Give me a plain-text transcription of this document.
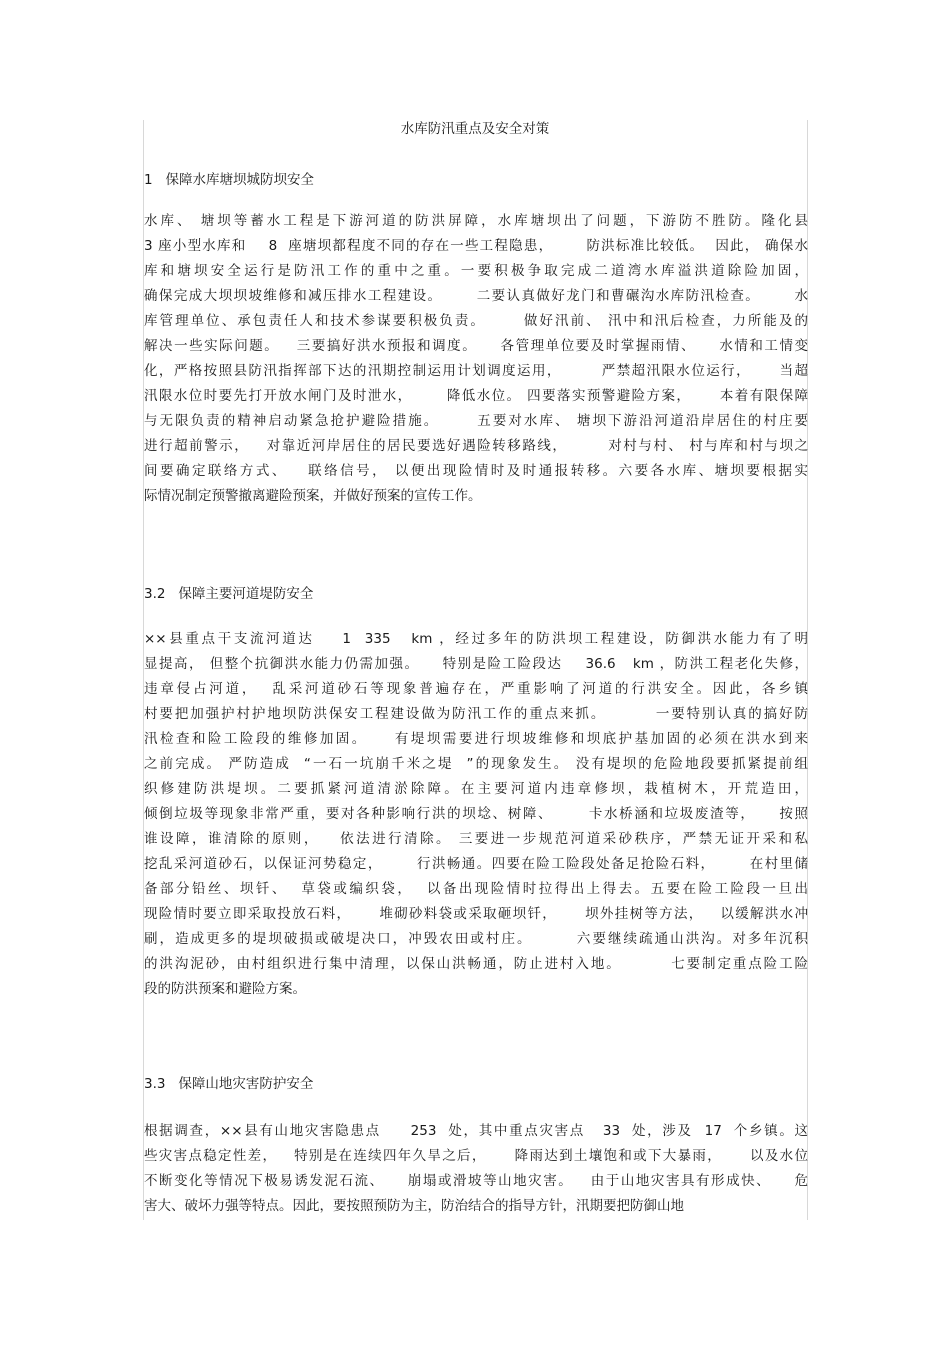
水库防汛重点及安全对策
1   保障水库塘坝城防坝安全
水库、 塘坝等蓄水工程是下游河道的防洪屏障，水库塘坝出了问题，下游防不胜防。隆化县
3 座小型水库和    8  座塘坝都程度不同的存在一些工程隐患，      防洪标准比较低。  因此， 确保水
库和塘坝安全运行是防汛工作的重中之重。一要积极争取完成二道湾水库溢洪道除险加固，
确保完成大坝坝坡维修和减压排水工程建设。      二要认真做好龙门和曹碾沟水库防汛检查。      水
库管理单位、承包责任人和技术参谋要积极负责。      做好汛前、 汛中和汛后检查，力所能及的
解决一些实际问题。   三要搞好洪水预报和调度。    各管理单位要及时掌握雨情、    水情和工情变
化，严格按照县防汛指挥部下达的汛期控制运用计划调度运用，       严禁超汛限水位运行，     当超
汛限水位时要先打开放水闸门及时泄水，      降低水位。 四要落实预警避险方案，     本着有限保障
与无限负责的精神启动紧急抢护避险措施。      五要对水库、 塘坝下游沿河道沿岸居住的村庄要
进行超前警示，   对靠近河岸居住的居民要选好遇险转移路线，       对村与村、 村与库和村与坝之
间要确定联络方式、   联络信号， 以便出现险情时及时通报转移。六要各水库、塘坝要根据实
际情况制定预警撤离避险预案，并做好预案的宣传工作。
3.2   保障主要河道堤防安全
××县重点干支流河道达    1  335   km ，经过多年的防洪坝工程建设，防御洪水能力有了明
显提高， 但整个抗御洪水能力仍需加强。    特别是险工险段达    36.6   km ，防洪工程老化失修，
违章侵占河道，  乱采河道砂石等现象普遍存在，严重影响了河道的行洪安全。因此，各乡镇
村要把加强护村护地坝防洪保安工程建设做为防汛工作的重点来抓。        一要特别认真的搞好防
汛检查和险工险段的维修加固。    有堤坝需要进行坝坡维修和坝底护基加固的必须在洪水到来
之前完成。 严防造成  “一石一坑崩千米之堤  ”的现象发生。 没有堤坝的危险地段要抓紧提前组
织修建防洪堤坝。二要抓紧河道清淤除障。在主要河道内违章修坝，栽植树木，开荒造田，
倾倒垃圾等现象非常严重，要对各种影响行洪的坝埝、树障、      卡水桥涵和垃圾废渣等，    按照
谁设障，谁清除的原则，   依法进行清除。 三要进一步规范河道采砂秩序，严禁无证开采和私
挖乱采河道砂石，以保证河势稳定，      行洪畅通。四要在险工险段处备足抢险石料，      在村里储
备部分铅丝、坝钎、  草袋或编织袋，  以备出现险情时拉得出上得去。五要在险工险段一旦出
现险情时要立即采取投放石料，     堆砌砂料袋或采取砸坝钎，     坝外挂树等方法，   以缓解洪水冲
刷，造成更多的堤坝破损或破堤决口，冲毁农田或村庄。       六要继续疏通山洪沟。对多年沉积
的洪沟泥砂，由村组织进行集中清理，以保山洪畅通，防止进村入地。        七要制定重点险工险
段的防洪预案和避险方案。
3.3   保障山地灾害防护安全
根据调查，××县有山地灾害隐患点     253  处，其中重点灾害点   33  处，涉及  17  个乡镇。这
些灾害点稳定性差，   特别是在连续四年久旱之后，     降雨达到土壤饱和或下大暴雨，     以及水位
不断变化等情况下极易诱发泥石流、    崩塌或滑坡等山地灾害。   由于山地灾害具有形成快、    危
害大、破坏力强等特点。因此，要按照预防为主，防治结合的指导方针，汛期要把防御山地
